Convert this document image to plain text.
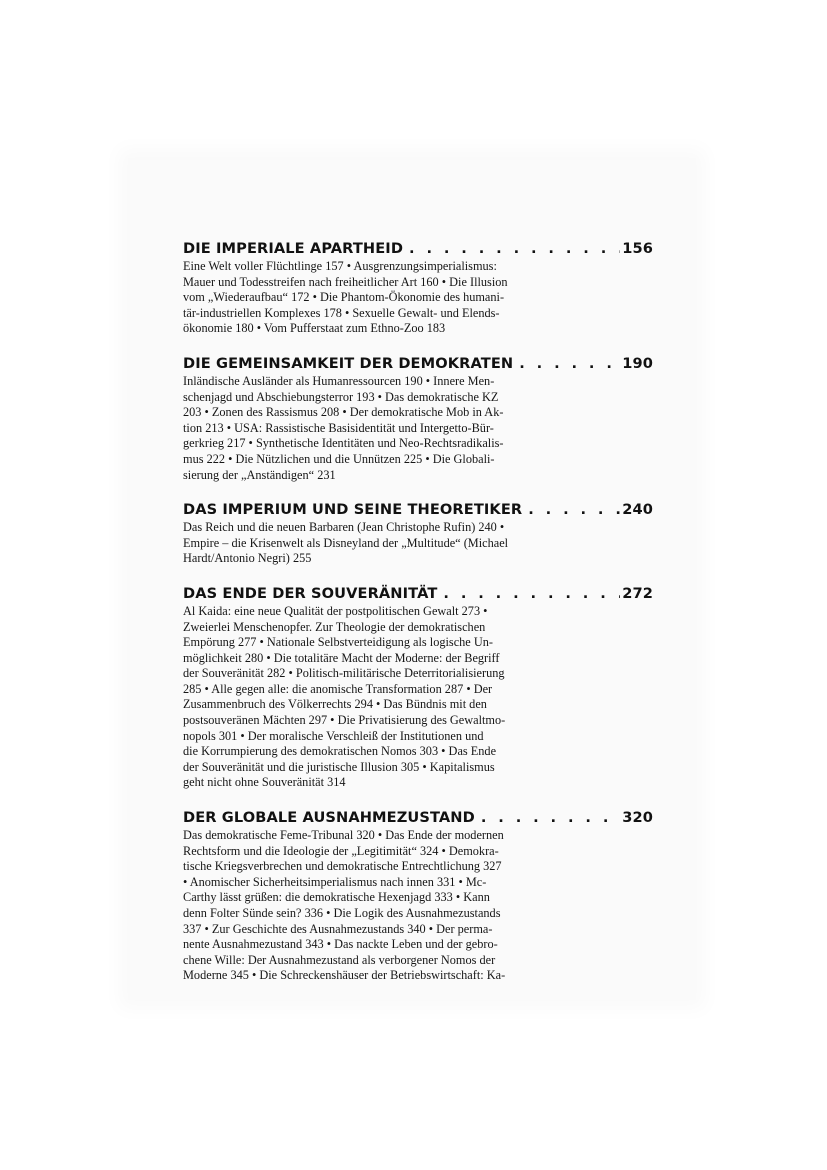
DIE IMPERIALE APARTHEID . . .	156
Eine Welt voller Flüchtlinge 157 • Ausgrenzungsimperialismus:
Mauer und Todesstreifen nach freiheitlicher Art 160 • Die Illusion
vom „Wiederaufbau“ 172 • Die Phantom-Ökonomie des humani-
tär-industriellen Komplexes 178 • Sexuelle Gewalt- und Elends-
ökonomie 180 • Vom Pufferstaat zum Ethno-Zoo 183
DIE GEMEINSAMKEIT DER DEMOKRATEN . . .	190
Inländische Ausländer als Humanressourcen 190 • Innere Men-
schenjagd und Abschiebungsterror 193 • Das demokratische KZ
203 • Zonen des Rassismus 208 • Der demokratische Mob in Ak-
tion 213 • USA: Rassistische Basisidentität und Intergetto-Bür-
gerkrieg 217 • Synthetische Identitäten und Neo-Rechtsradikalis-
mus 222 • Die Nützlichen und die Unnützen 225 • Die Globali-
sierung der „Anständigen“ 231
DAS IMPERIUM UND SEINE THEORETIKER . . .	240
Das Reich und die neuen Barbaren (Jean Christophe Rufin) 240 •
Empire – die Krisenwelt als Disneyland der „Multitude“ (Michael
Hardt/Antonio Negri) 255
DAS ENDE DER SOUVERÄNITÄT . . .	272
Al Kaida: eine neue Qualität der postpolitischen Gewalt 273 •
Zweierlei Menschenopfer. Zur Theologie der demokratischen
Empörung 277 • Nationale Selbstverteidigung als logische Un-
möglichkeit 280 • Die totalitäre Macht der Moderne: der Begriff
der Souveränität 282 • Politisch-militärische Deterritorialisierung
285 • Alle gegen alle: die anomische Transformation 287 • Der
Zusammenbruch des Völkerrechts 294 • Das Bündnis mit den
postsouveränen Mächten 297 • Die Privatisierung des Gewaltmo-
nopols 301 • Der moralische Verschleiß der Institutionen und
die Korrumpierung des demokratischen Nomos 303 • Das Ende
der Souveränität und die juristische Illusion 305 • Kapitalismus
geht nicht ohne Souveränität 314
DER GLOBALE AUSNAHMEZUSTAND . . .	320
Das demokratische Feme-Tribunal 320 • Das Ende der modernen
Rechtsform und die Ideologie der „Legitimität“ 324 • Demokra-
tische Kriegsverbrechen und demokratische Entrechtlichung 327
• Anomischer Sicherheitsimperialismus nach innen 331 • Mc-
Carthy lässt grüßen: die demokratische Hexenjagd 333 • Kann
denn Folter Sünde sein? 336 • Die Logik des Ausnahmezustands
337 • Zur Geschichte des Ausnahmezustands 340 • Der perma-
nente Ausnahmezustand 343 • Das nackte Leben und der gebro-
chene Wille: Der Ausnahmezustand als verborgener Nomos der
Moderne 345 • Die Schreckenshäuser der Betriebswirtschaft: Ka-
